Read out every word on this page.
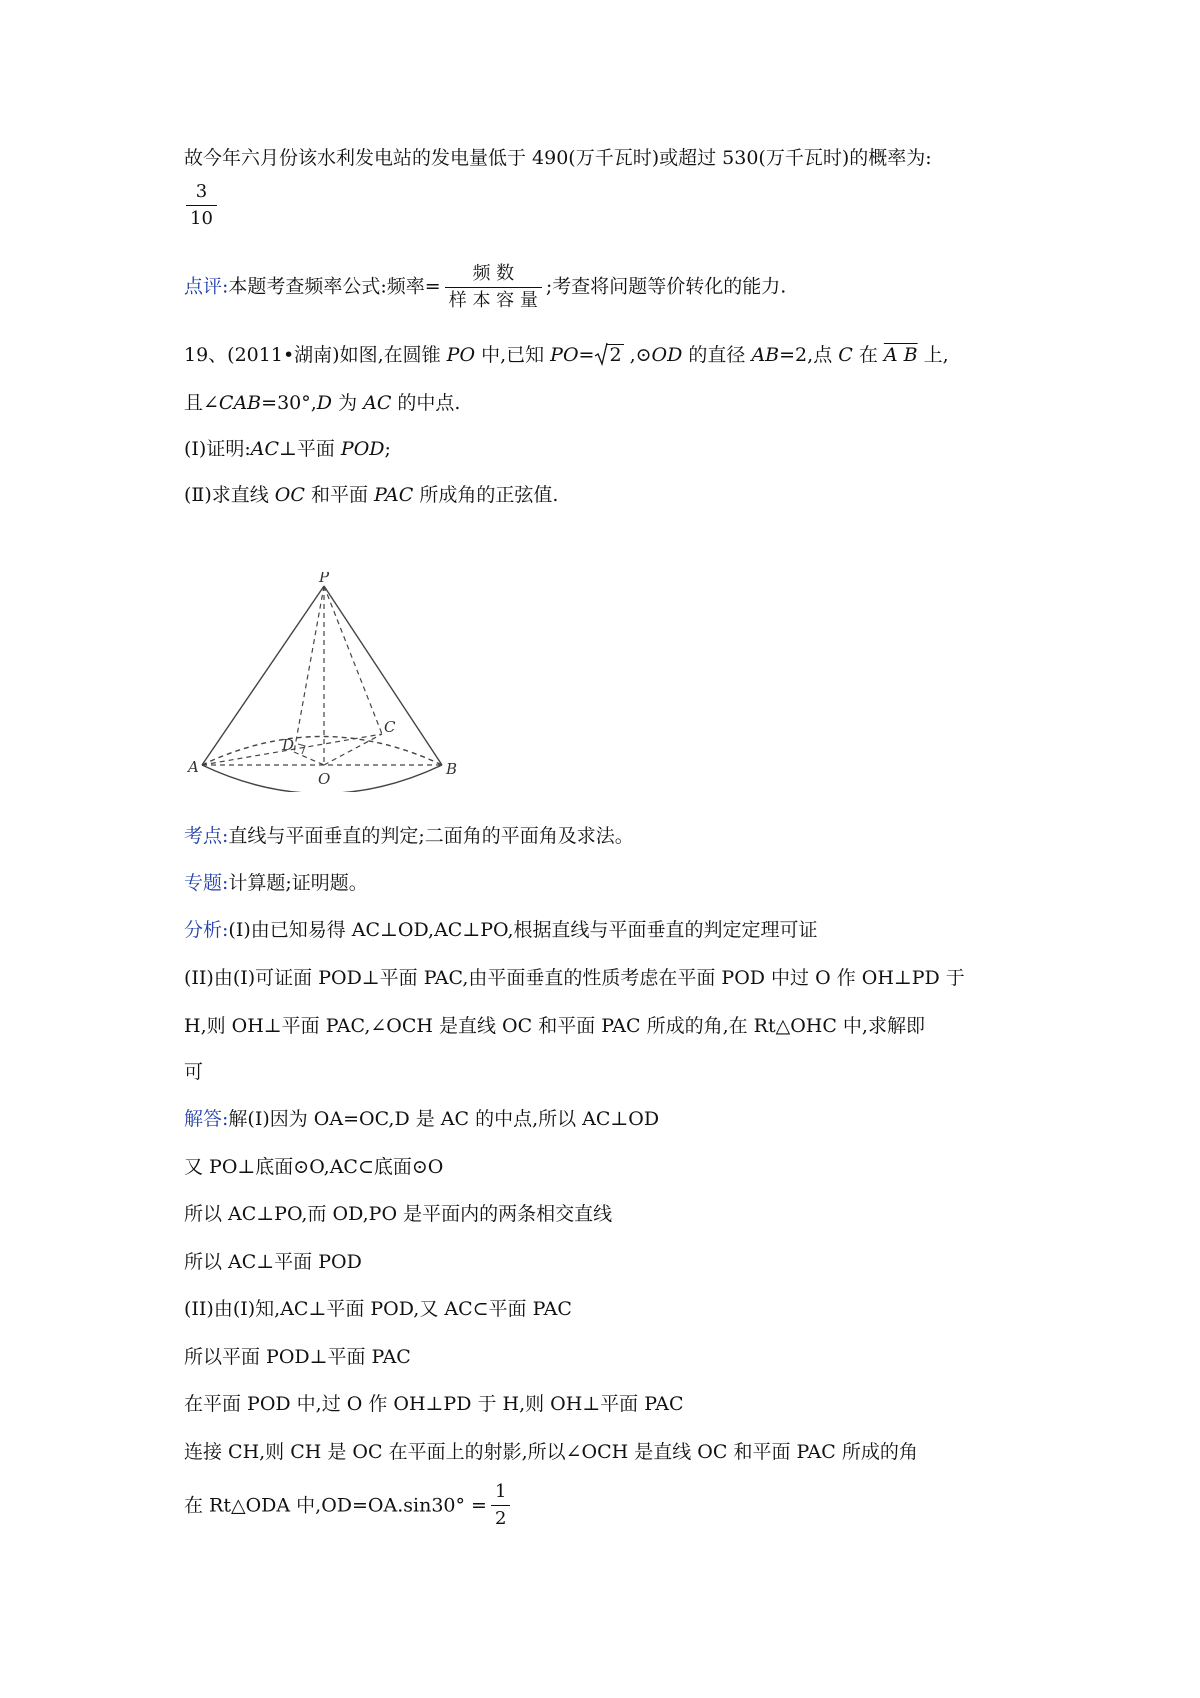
故今年六月份该水利发电站的发电量低于 490(万千瓦时)或超过 530(万千瓦时)的概率为:
$\frac{3}{10}$
点评:本题考查频率公式:频率= $\frac{\text{频 数}}{\text{样 本 容 量}}$ ;考查将问题等价转化的能力.
19、(2011•湖南)如图,在圆锥 PO 中,已知 PO= 2 ,⊙OD 的直径 AB=2,点 C 在 A B 上,
且∠CAB=30°,D 为 AC 的中点.
(Ⅰ)证明:AC⊥平面 POD;
(Ⅱ)求直线 OC 和平面 PAC 所成角的正弦值.
P
A	B
C
D
O
考点:直线与平面垂直的判定;二面角的平面角及求法。
专题:计算题;证明题。
分析:(I)由已知易得 AC⊥OD,AC⊥PO,根据直线与平面垂直的判定定理可证
(II)由(I)可证面 POD⊥平面 PAC,由平面垂直的性质考虑在平面 POD 中过 O 作 OH⊥PD 于
H,则 OH⊥平面 PAC,∠OCH 是直线 OC 和平面 PAC 所成的角,在 Rt△OHC 中,求解即
可
解答:解(I)因为 OA=OC,D 是 AC 的中点,所以 AC⊥OD
又 PO⊥底面⊙O,AC⊂底面⊙O
所以 AC⊥PO,而 OD,PO 是平面内的两条相交直线
所以 AC⊥平面 POD
(II)由(I)知,AC⊥平面 POD,又 AC⊂平面 PAC
所以平面 POD⊥平面 PAC
在平面 POD 中,过 O 作 OH⊥PD 于 H,则 OH⊥平面 PAC
连接 CH,则 CH 是 OC 在平面上的射影,所以∠OCH 是直线 OC 和平面 PAC 所成的角
在 Rt△ODA 中$,OD=OA.\sin 30^\circ = \frac{1}{2}$
